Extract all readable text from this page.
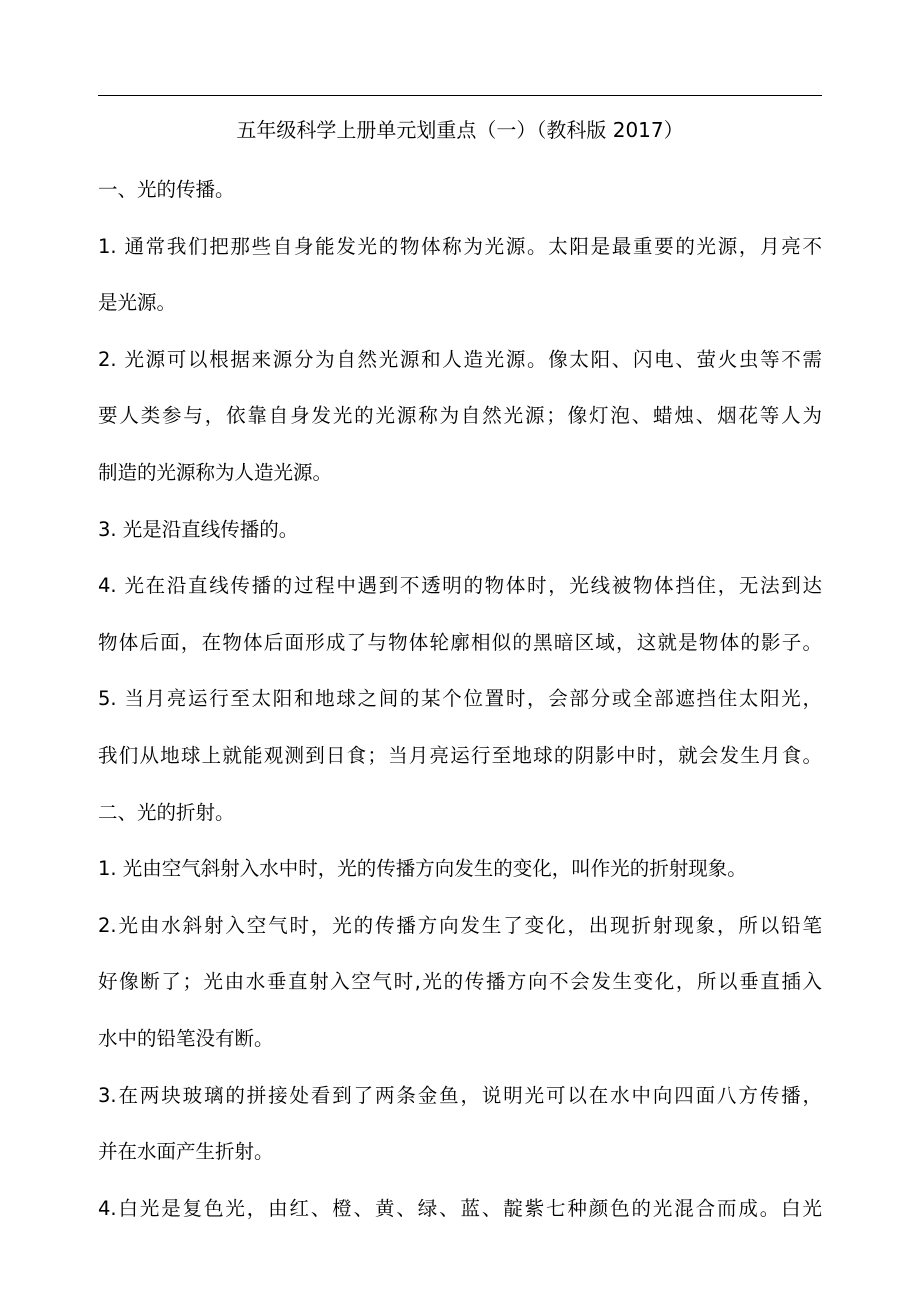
五年级科学上册单元划重点（一）（教科版 2017）
一、光的传播。
1. 通常我们把那些自身能发光的物体称为光源。太阳是最重要的光源，月亮不
是光源。
2. 光源可以根据来源分为自然光源和人造光源。像太阳、闪电、萤火虫等不需
要人类参与，依靠自身发光的光源称为自然光源；像灯泡、蜡烛、烟花等人为
制造的光源称为人造光源。
3. 光是沿直线传播的。
4. 光在沿直线传播的过程中遇到不透明的物体时，光线被物体挡住，无法到达
物体后面，在物体后面形成了与物体轮廓相似的黑暗区域，这就是物体的影子。
5. 当月亮运行至太阳和地球之间的某个位置时，会部分或全部遮挡住太阳光，
我们从地球上就能观测到日食；当月亮运行至地球的阴影中时，就会发生月食。
二、光的折射。
1. 光由空气斜射入水中时，光的传播方向发生的变化，叫作光的折射现象。
2.光由水斜射入空气时，光的传播方向发生了变化，出现折射现象，所以铅笔
好像断了；光由水垂直射入空气时,光的传播方向不会发生变化，所以垂直插入
水中的铅笔没有断。
3.在两块玻璃的拼接处看到了两条金鱼，说明光可以在水中向四面八方传播，
并在水面产生折射。
4.白光是复色光，由红、橙、黄、绿、蓝、靛紫七种颜色的光混合而成。白光
